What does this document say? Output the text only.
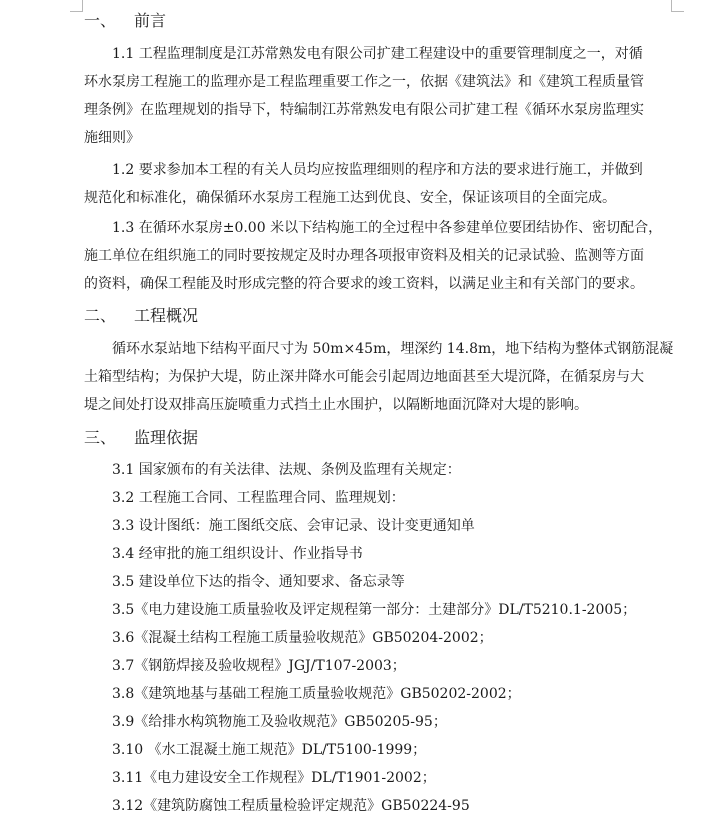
一、 前言
1.1 工程监理制度是江苏常熟发电有限公司扩建工程建设中的重要管理制度之一，对循
环水泵房工程施工的监理亦是工程监理重要工作之一，依据《建筑法》和《建筑工程质量管
理条例》在监理规划的指导下，特编制江苏常熟发电有限公司扩建工程《循环水泵房监理实
施细则》
1.2 要求参加本工程的有关人员均应按监理细则的程序和方法的要求进行施工，并做到
规范化和标准化，确保循环水泵房工程施工达到优良、安全，保证该项目的全面完成。
1.3 在循环水泵房±0.00 米以下结构施工的全过程中各参建单位要团结协作、密切配合，
施工单位在组织施工的同时要按规定及时办理各项报审资料及相关的记录试验、监测等方面
的资料，确保工程能及时形成完整的符合要求的竣工资料，以满足业主和有关部门的要求。
二、 工程概况
循环水泵站地下结构平面尺寸为 50m×45m，埋深约 14.8m，地下结构为整体式钢筋混凝
土箱型结构；为保护大堤，防止深井降水可能会引起周边地面甚至大堤沉降，在循泵房与大
堤之间处打设双排高压旋喷重力式挡土止水围护，以隔断地面沉降对大堤的影响。
三、 监理依据
3.1 国家颁布的有关法律、法规、条例及监理有关规定：
3.2 工程施工合同、工程监理合同、监理规划：
3.3 设计图纸：施工图纸交底、会审记录、设计变更通知单
3.4 经审批的施工组织设计、作业指导书
3.5 建设单位下达的指令、通知要求、备忘录等
3.5《电力建设施工质量验收及评定规程第一部分：土建部分》DL/T5210.1-2005；
3.6《混凝土结构工程施工质量验收规范》GB50204-2002；
3.7《钢筋焊接及验收规程》JGJ/T107-2003；
3.8《建筑地基与基础工程施工质量验收规范》GB50202-2002；
3.9《给排水构筑物施工及验收规范》GB50205-95；
3.10 《水工混凝土施工规范》DL/T5100-1999；
3.11《电力建设安全工作规程》DL/T1901-2002；
3.12《建筑防腐蚀工程质量检验评定规范》GB50224-95
